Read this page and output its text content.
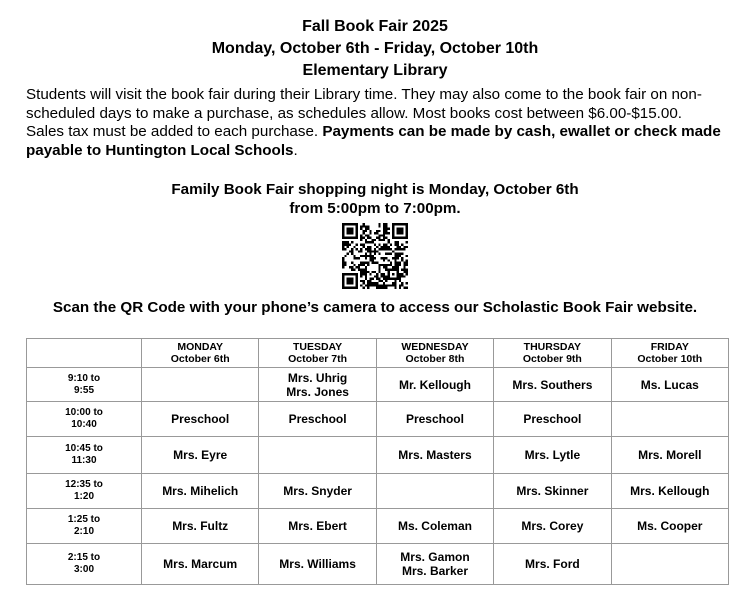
Fall Book Fair 2025
Monday, October 6th - Friday, October 10th
Elementary Library
Students will visit the book fair during their Library time. They may also come to the book fair on non-scheduled days to make a purchase, as schedules allow. Most books cost between $6.00-$15.00. Sales tax must be added to each purchase. Payments can be made by cash, ewallet or check made payable to Huntington Local Schools.
Family Book Fair shopping night is Monday, October 6th
from 5:00pm to 7:00pm.
Scan the QR Code with your phone’s camera to access our Scholastic Book Fair website.

	MONDAY
October 6th	TUESDAY
October 7th	WEDNESDAY
October 8th	THURSDAY
October 9th	FRIDAY
October 10th

9:10 to
9:55		Mrs. Uhrig
Mrs. Jones	Mr. Kellough	Mrs. Southers	Ms. Lucas

10:00 to
10:40	Preschool	Preschool	Preschool	Preschool	

10:45 to
11:30	Mrs. Eyre		Mrs. Masters	Mrs. Lytle	Mrs. Morell

12:35 to
1:20	Mrs. Mihelich	Mrs. Snyder		Mrs. Skinner	Mrs. Kellough

1:25 to
2:10	Mrs. Fultz	Mrs. Ebert	Ms. Coleman	Mrs. Corey	Ms. Cooper

2:15 to
3:00	Mrs. Marcum	Mrs. Williams	Mrs. Gamon
Mrs. Barker	Mrs. Ford	
